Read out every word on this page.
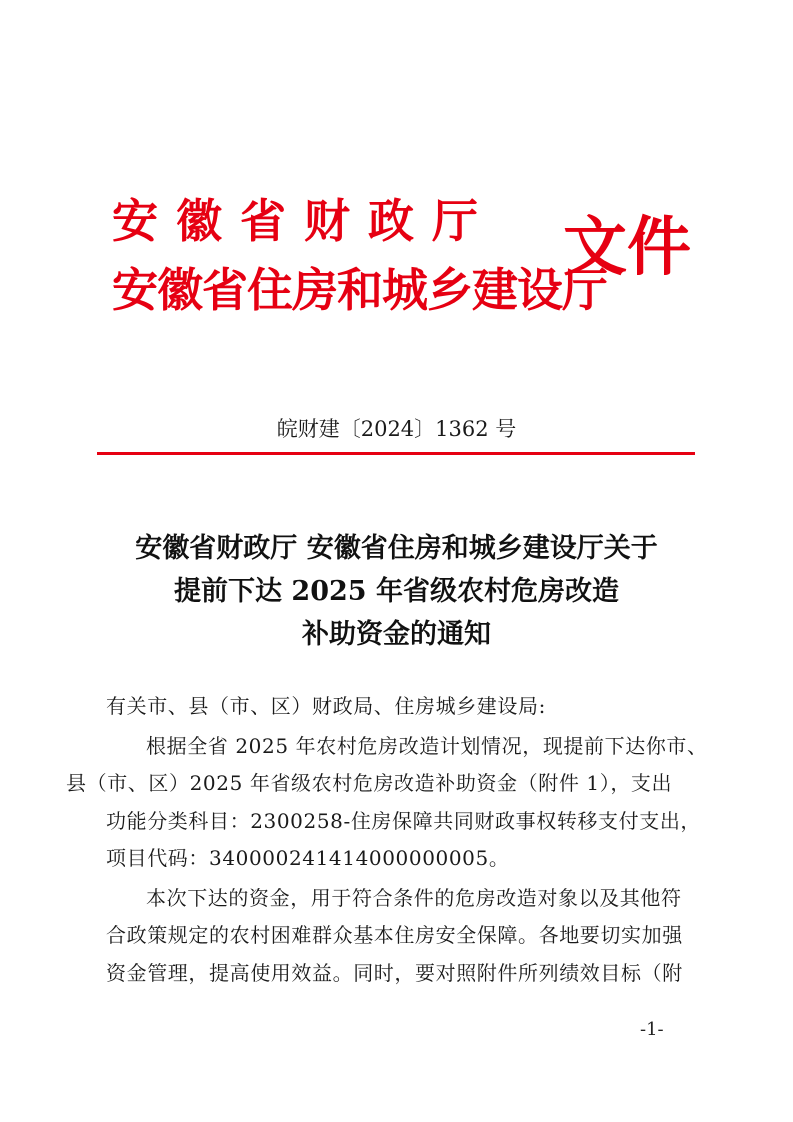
安徽省财政厅
安徽省住房和城乡建设厅
文件
皖财建〔2024〕1362 号
安徽省财政厅 安徽省住房和城乡建设厅关于
提前下达 2025 年省级农村危房改造
补助资金的通知

有关市、县（市、区）财政局、住房城乡建设局:

根据全省 2025 年农村危房改造计划情况，现提前下达你市、
县（市、区）2025 年省级农村危房改造补助资金（附件 1），支出
功能分类科目：2300258-住房保障共同财政事权转移支付支出，
项目代码：340000241414000000005。

本次下达的资金，用于符合条件的危房改造对象以及其他符
合政策规定的农村困难群众基本住房安全保障。各地要切实加强
资金管理，提高使用效益。同时，要对照附件所列绩效目标（附

-1-
